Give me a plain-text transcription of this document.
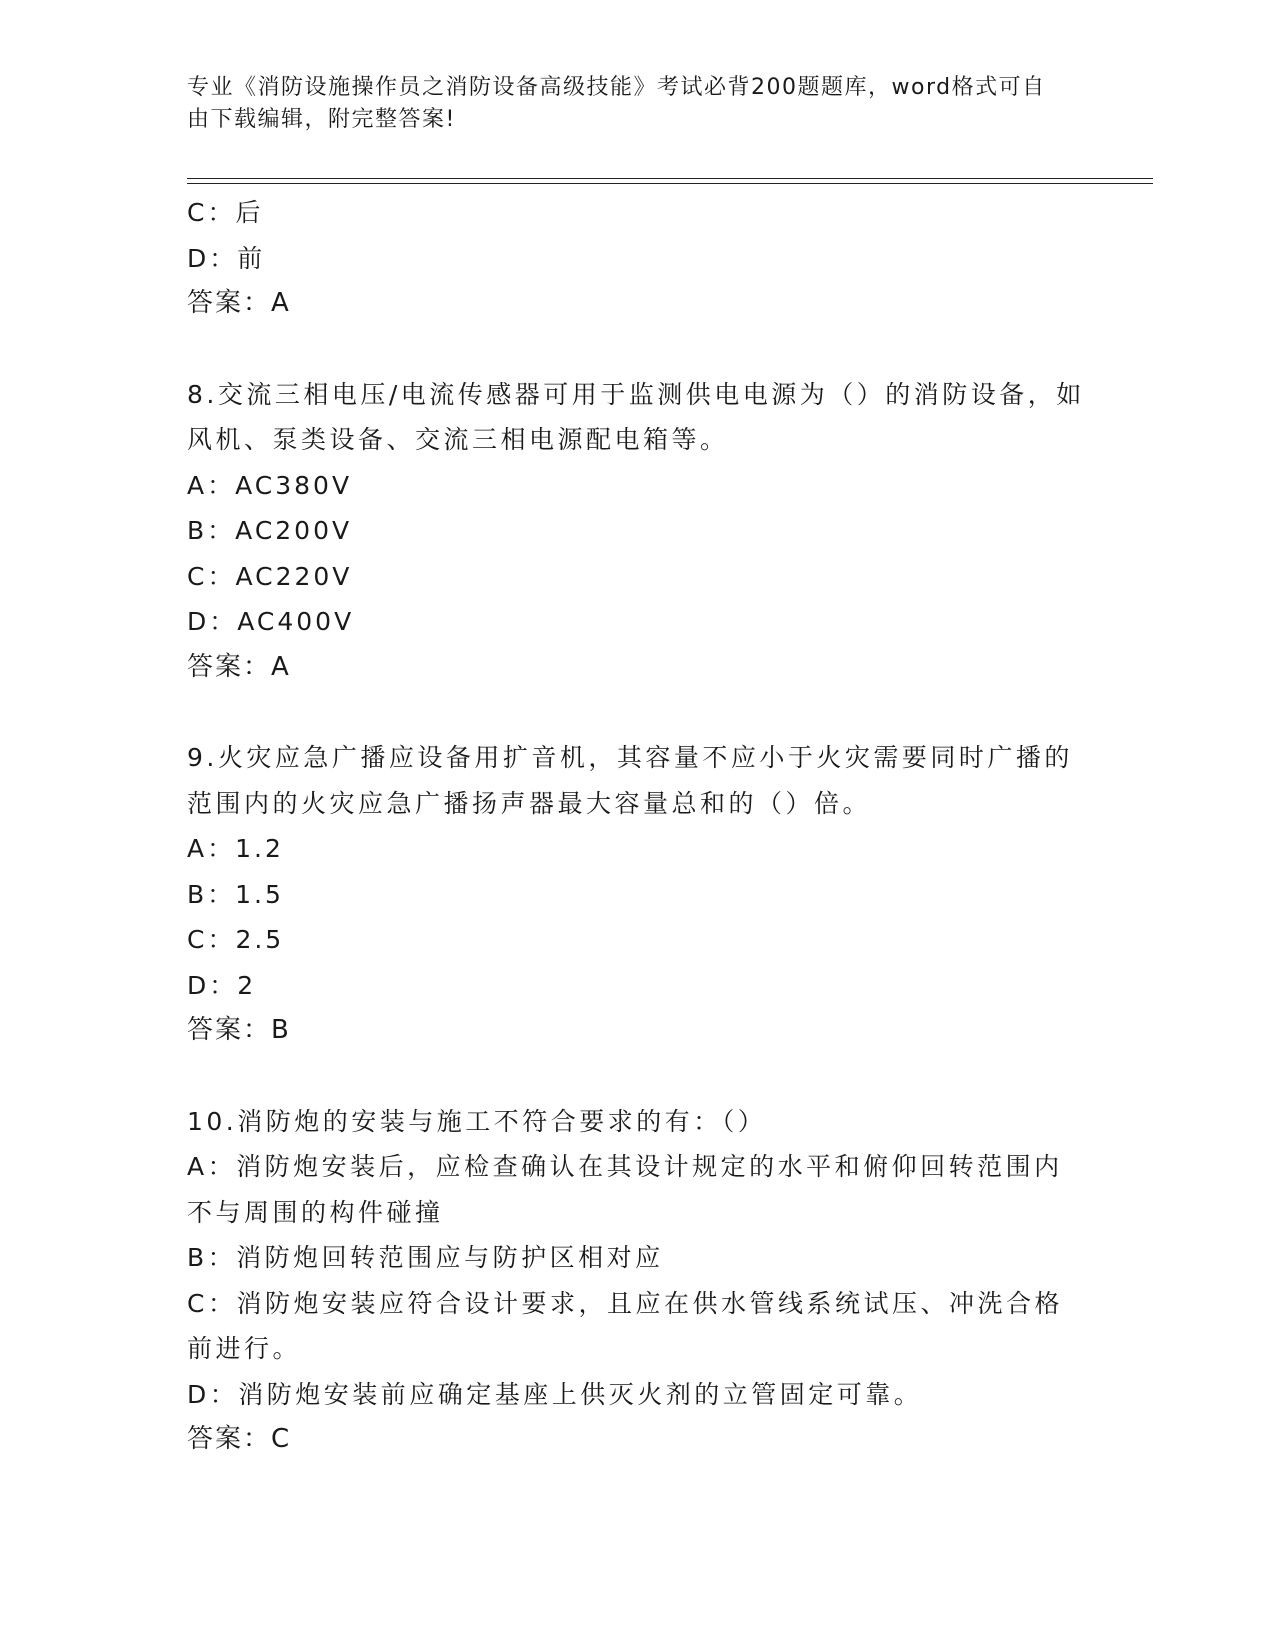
专业《消防设施操作员之消防设备高级技能》考试必背200题题库，word格式可自由下载编辑，附完整答案!
C：后
D：前
答案：A
8.交流三相电压/电流传感器可用于监测供电电源为（）的消防设备，如风机、泵类设备、交流三相电源配电箱等。
A：AC380V
B：AC200V
C：AC220V
D：AC400V
答案：A
9.火灾应急广播应设备用扩音机，其容量不应小于火灾需要同时广播的范围内的火灾应急广播扬声器最大容量总和的（）倍。
A：1.2
B：1.5
C：2.5
D：2
答案：B
10.消防炮的安装与施工不符合要求的有：（）
A：消防炮安装后，应检查确认在其设计规定的水平和俯仰回转范围内不与周围的构件碰撞
B：消防炮回转范围应与防护区相对应
C：消防炮安装应符合设计要求，且应在供水管线系统试压、冲洗合格前进行。
D：消防炮安装前应确定基座上供灭火剂的立管固定可靠。
答案：C
